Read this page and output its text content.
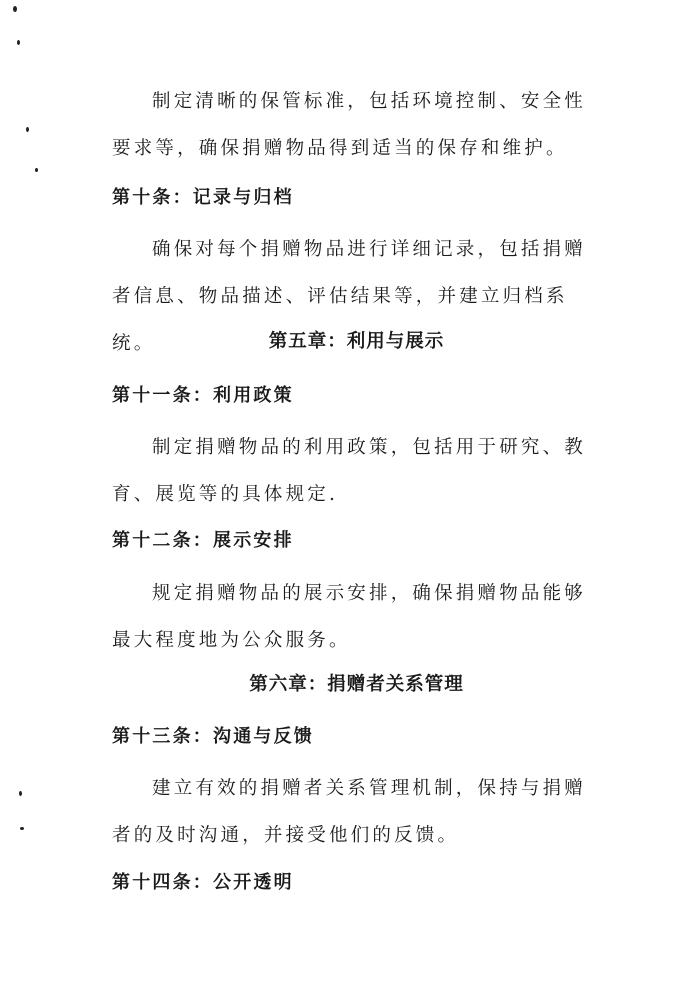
制定清晰的保管标准，包括环境控制、安全性要求等，确保捐赠物品得到适当的保存和维护。

第十条：记录与归档

确保对每个捐赠物品进行详细记录，包括捐赠者信息、物品描述、评估结果等，并建立归档系统。	第五章：利用与展示

第十一条：利用政策

制定捐赠物品的利用政策，包括用于研究、教育、展览等的具体规定.

第十二条：展示安排

规定捐赠物品的展示安排，确保捐赠物品能够最大程度地为公众服务。

第六章：捐赠者关系管理

第十三条：沟通与反馈

建立有效的捐赠者关系管理机制，保持与捐赠者的及时沟通，并接受他们的反馈。

第十四条：公开透明
